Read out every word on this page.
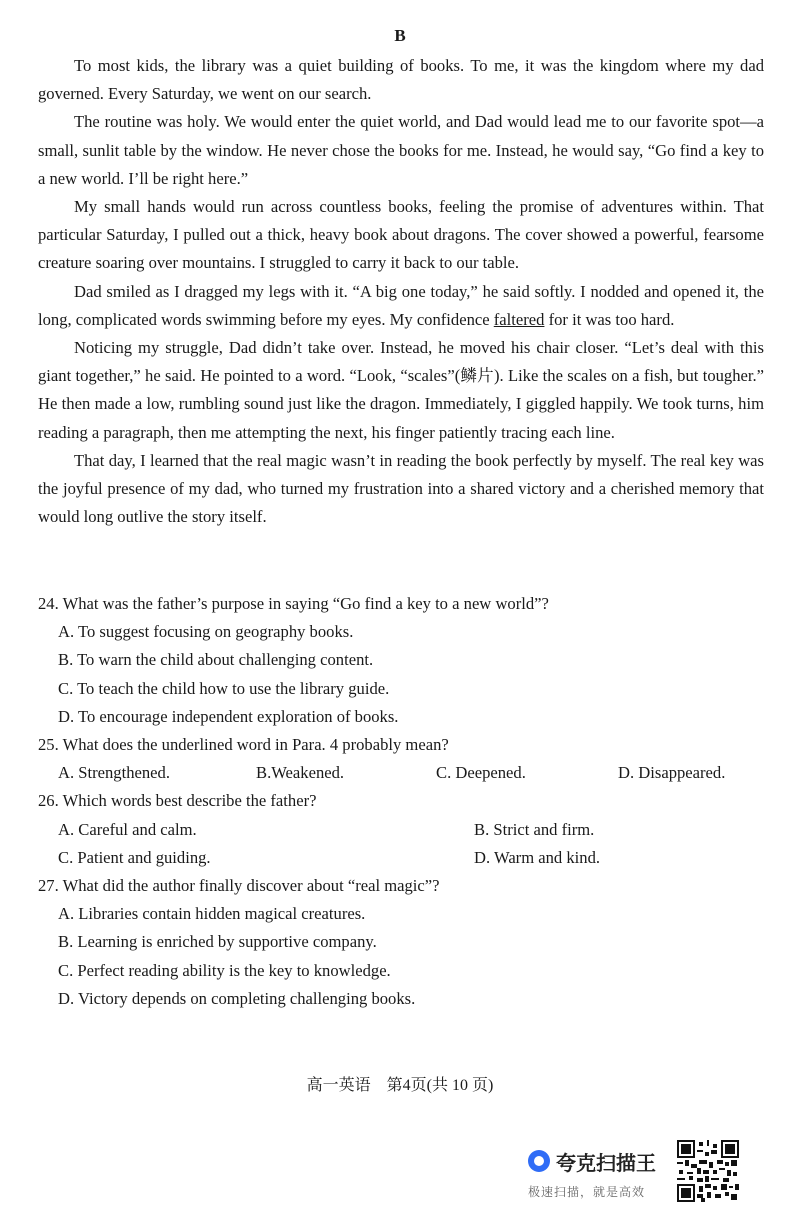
B

To most kids, the library was a quiet building of books. To me, it was the kingdom where my dad governed. Every Saturday, we went on our search.

The routine was holy. We would enter the quiet world, and Dad would lead me to our favorite spot—a small, sunlit table by the window. He never chose the books for me. Instead, he would say, “Go find a key to a new world. I’ll be right here.”

My small hands would run across countless books, feeling the promise of adventures within. That particular Saturday, I pulled out a thick, heavy book about dragons. The cover showed a powerful, fearsome creature soaring over mountains. I struggled to carry it back to our table.

Dad smiled as I dragged my legs with it. “A big one today,” he said softly. I nodded and opened it, the long, complicated words swimming before my eyes. My confidence faltered for it was too hard.

Noticing my struggle, Dad didn’t take over. Instead, he moved his chair closer. “Let’s deal with this giant together,” he said. He pointed to a word. “Look, “scales”(鳞片). Like the scales on a fish, but tougher.” He then made a low, rumbling sound just like the dragon. Immediately, I giggled happily. We took turns, him reading a paragraph, then me attempting the next, his finger patiently tracing each line.

That day, I learned that the real magic wasn’t in reading the book perfectly by myself. The real key was the joyful presence of my dad, who turned my frustration into a shared victory and a cherished memory that would long outlive the story itself.

24. What was the father’s purpose in saying “Go find a key to a new world”?

A. To suggest focusing on geography books.

B. To warn the child about challenging content.

C. To teach the child how to use the library guide.

D. To encourage independent exploration of books.

25. What does the underlined word in Para. 4 probably mean?

A. Strengthened.	B.Weakened.	C. Deepened.	D. Disappeared.

26. Which words best describe the father?

A. Careful and calm.	B. Strict and firm.
C. Patient and guiding.	D. Warm and kind.

27. What did the author finally discover about “real magic”?

A. Libraries contain hidden magical creatures.

B. Learning is enriched by supportive company.

C. Perfect reading ability is the key to knowledge.

D. Victory depends on completing challenging books.

高一英语　第4页(共 10 页)
夸克扫描王
极速扫描，就是高效
